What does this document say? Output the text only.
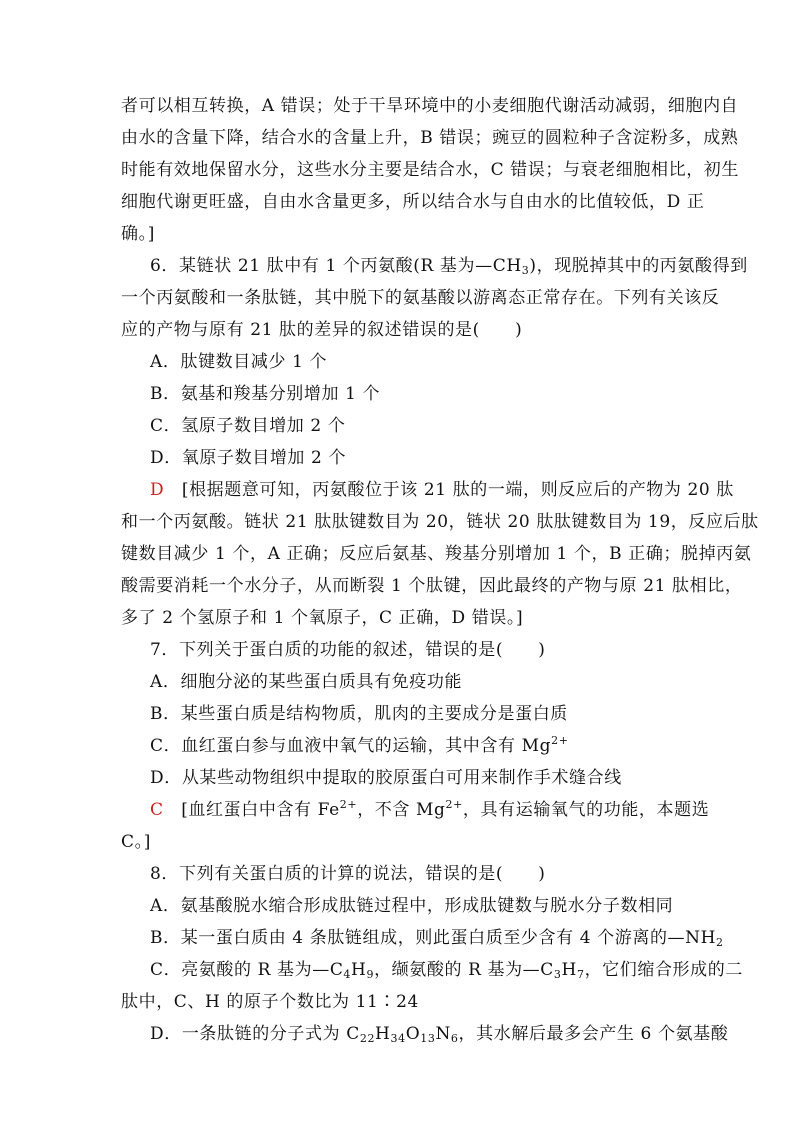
者可以相互转换，A 错误；处于干旱环境中的小麦细胞代谢活动减弱，细胞内自
由水的含量下降，结合水的含量上升，B 错误；豌豆的圆粒种子含淀粉多，成熟
时能有效地保留水分，这些水分主要是结合水，C 错误；与衰老细胞相比，初生
细胞代谢更旺盛，自由水含量更多，所以结合水与自由水的比值较低，D 正
确。]
6．某链状 21 肽中有 1 个丙氨酸(R 基为$—CH_3$)，现脱掉其中的丙氨酸得到
一个丙氨酸和一条肽链，其中脱下的氨基酸以游离态正常存在。下列有关该反
应的产物与原有 21 肽的差异的叙述错误的是(　　)
A．肽键数目减少 1 个
B．氨基和羧基分别增加 1 个
C．氢原子数目增加 2 个
D．氧原子数目增加 2 个
D　[根据题意可知，丙氨酸位于该 21 肽的一端，则反应后的产物为 20 肽
和一个丙氨酸。链状 21 肽肽键数目为 20，链状 20 肽肽键数目为 19，反应后肽
键数目减少 1 个，A 正确；反应后氨基、羧基分别增加 1 个，B 正确；脱掉丙氨
酸需要消耗一个水分子，从而断裂 1 个肽键，因此最终的产物与原 21 肽相比，
多了 2 个氢原子和 1 个氧原子，C 正确，D 错误。]
7．下列关于蛋白质的功能的叙述，错误的是(　　)
A．细胞分泌的某些蛋白质具有免疫功能
B．某些蛋白质是结构物质，肌肉的主要成分是蛋白质
C．血红蛋白参与血液中氧气的运输，其中含有 $Mg^{2+}$
D．从某些动物组织中提取的胶原蛋白可用来制作手术缝合线
C　[血红蛋白中含有 $Fe^{2+}$，不含 $Mg^{2+}$，具有运输氧气的功能，本题选
C。]
8．下列有关蛋白质的计算的说法，错误的是(　　)
A．氨基酸脱水缩合形成肽链过程中，形成肽键数与脱水分子数相同
B．某一蛋白质由 4 条肽链组成，则此蛋白质至少含有 4 个游离的$—NH_2$
C．亮氨酸的 R 基为$—C_4H_9$，缬氨酸的 R 基为$—C_3H_7$，它们缩合形成的二
肽中，C、H 的原子个数比为 11∶24
D．一条肽链的分子式为 $C_{22}H_{34}O_{13}N_6$，其水解后最多会产生 6 个氨基酸
